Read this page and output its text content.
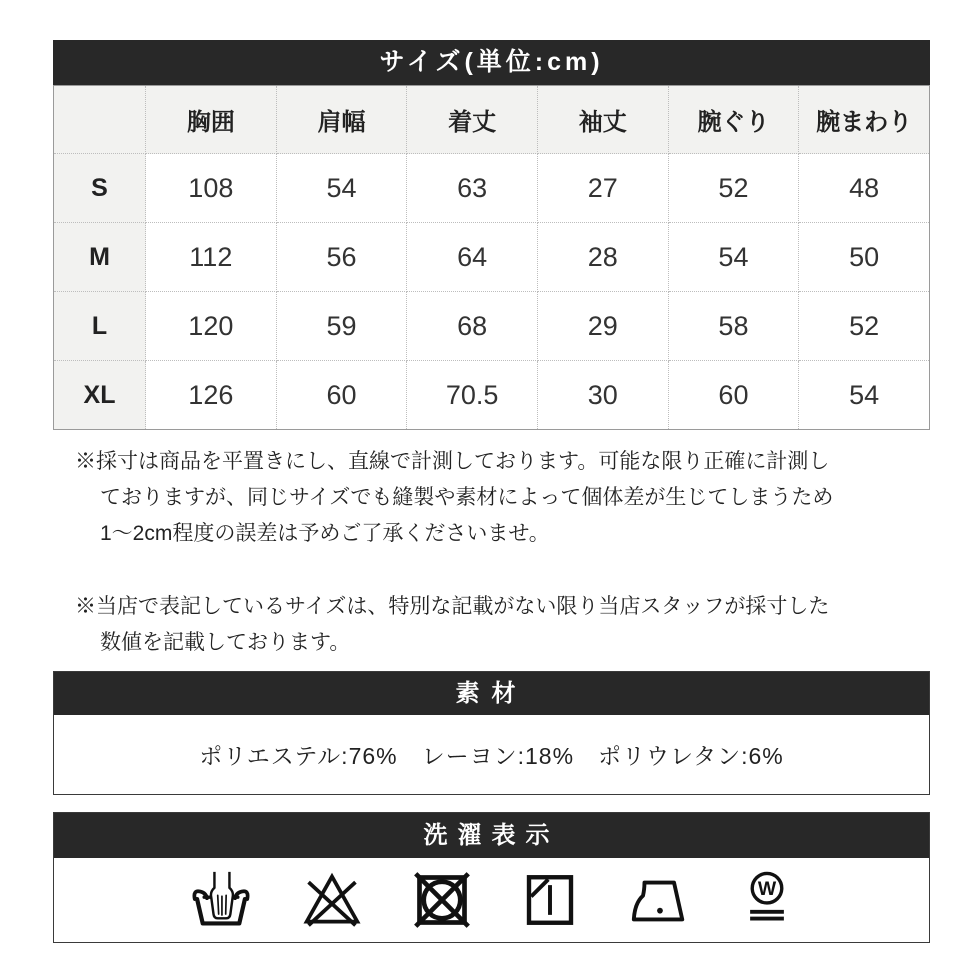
サイズ(単位:cm)
	胸囲	肩幅	着丈	袖丈	腕ぐり	腕まわり
S	108	54	63	27	52	48
M	112	56	64	28	54	50
L	120	59	68	29	58	52
XL	126	60	70.5	30	60	54
※採寸は商品を平置きにし、直線で計測しております。可能な限り正確に計測し
ておりますが、同じサイズでも縫製や素材によって個体差が生じてしまうため
1〜2cm程度の誤差は予めご了承くださいませ。
※当店で表記しているサイズは、特別な記載がない限り当店スタッフが採寸した
数値を記載しております。
素材
ポリエステル:76%　レーヨン:18%　ポリウレタン:6%
洗濯表示
W
